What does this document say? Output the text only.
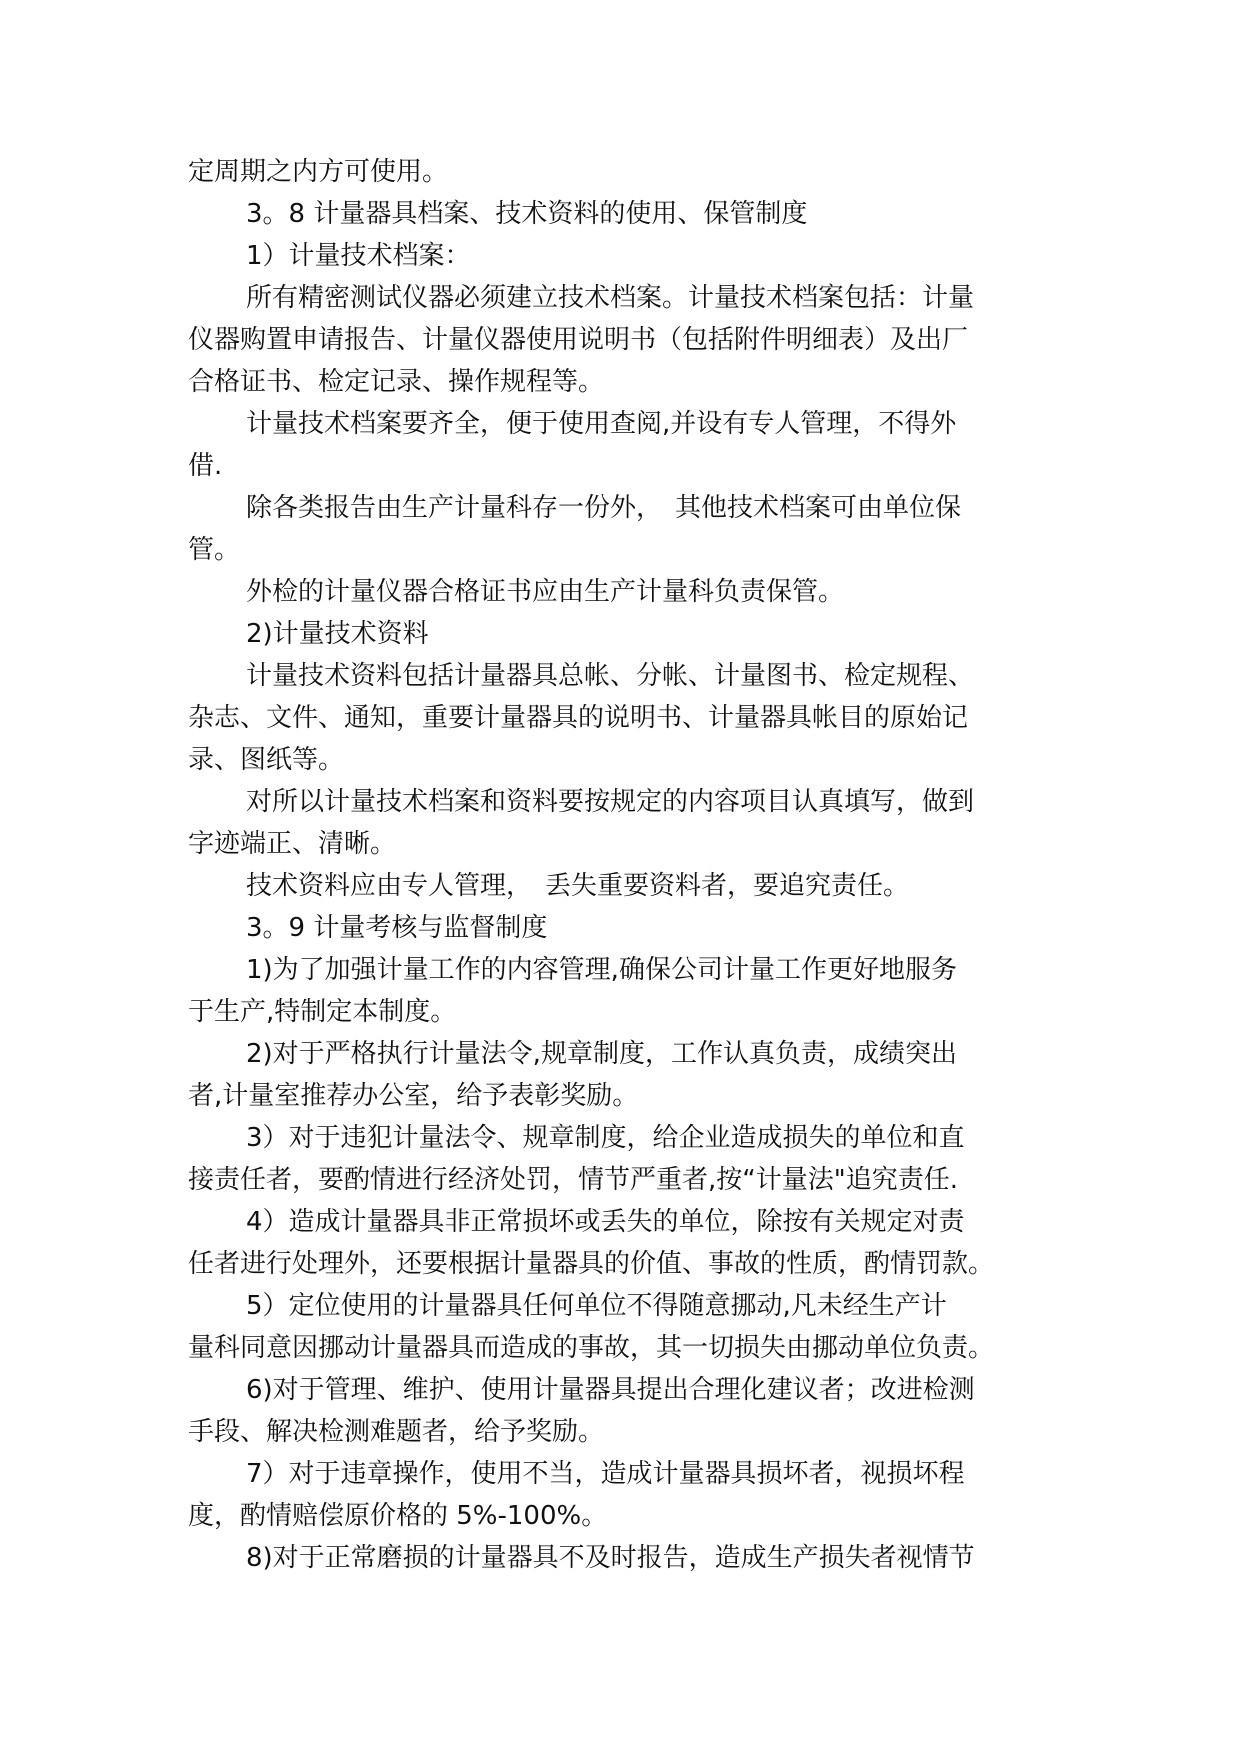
定周期之内方可使用。
3。8 计量器具档案、技术资料的使用、保管制度
1）计量技术档案：
所有精密测试仪器必须建立技术档案。计量技术档案包括：计量
仪器购置申请报告、计量仪器使用说明书（包括附件明细表）及出厂
合格证书、检定记录、操作规程等。
计量技术档案要齐全，便于使用查阅,并设有专人管理，不得外
借.
除各类报告由生产计量科存一份外，　其他技术档案可由单位保
管。
外检的计量仪器合格证书应由生产计量科负责保管。
2)计量技术资料
计量技术资料包括计量器具总帐、分帐、计量图书、检定规程、
杂志、文件、通知，重要计量器具的说明书、计量器具帐目的原始记
录、图纸等。
对所以计量技术档案和资料要按规定的内容项目认真填写，做到
字迹端正、清晰。
技术资料应由专人管理，　丢失重要资料者，要追究责任。
3。9 计量考核与监督制度
1)为了加强计量工作的内容管理,确保公司计量工作更好地服务
于生产,特制定本制度。
2)对于严格执行计量法令,规章制度，工作认真负责，成绩突出
者,计量室推荐办公室，给予表彰奖励。
3）对于违犯计量法令、规章制度，给企业造成损失的单位和直
接责任者，要酌情进行经济处罚，情节严重者,按“计量法"追究责任.
4）造成计量器具非正常损坏或丢失的单位，除按有关规定对责
任者进行处理外，还要根据计量器具的价值、事故的性质，酌情罚款。
5）定位使用的计量器具任何单位不得随意挪动,凡未经生产计
量科同意因挪动计量器具而造成的事故，其一切损失由挪动单位负责。
6)对于管理、维护、使用计量器具提出合理化建议者；改进检测
手段、解决检测难题者，给予奖励。
7）对于违章操作，使用不当，造成计量器具损坏者，视损坏程
度，酌情赔偿原价格的 5%-100%。
8)对于正常磨损的计量器具不及时报告，造成生产损失者视情节
